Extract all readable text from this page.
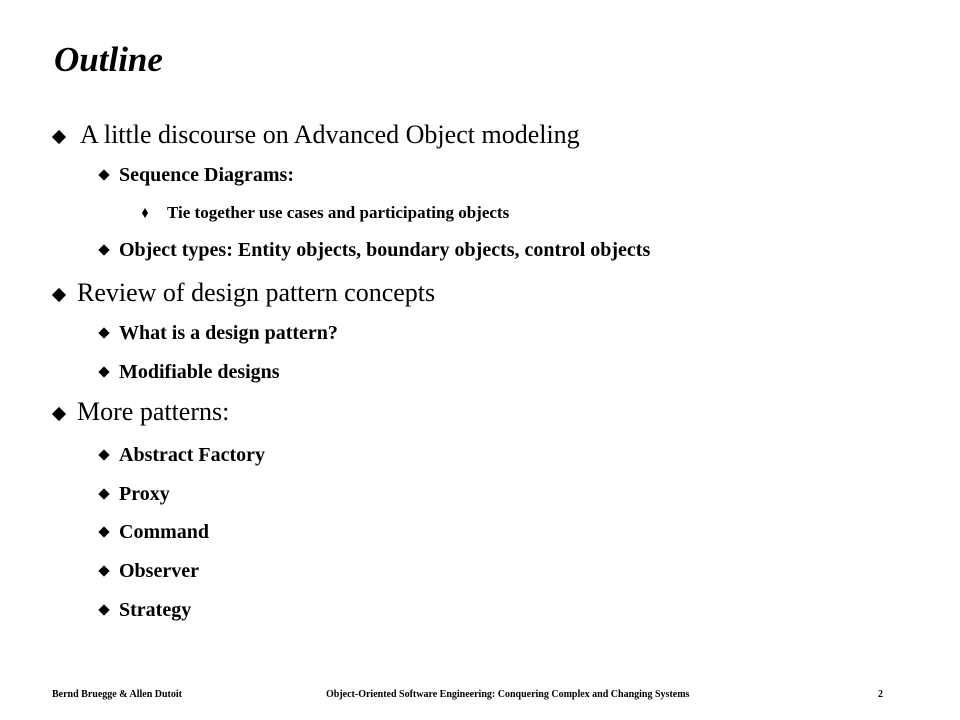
Outline
A little discourse on Advanced Object modeling
Sequence Diagrams:
Tie together use cases and participating objects
Object types: Entity objects, boundary objects, control objects
Review of design pattern concepts
What is a design pattern?
Modifiable designs
More patterns:
Abstract Factory
Proxy
Command
Observer
Strategy
Bernd Bruegge & Allen Dutoit	Object-Oriented Software Engineering: Conquering Complex and Changing Systems	2
